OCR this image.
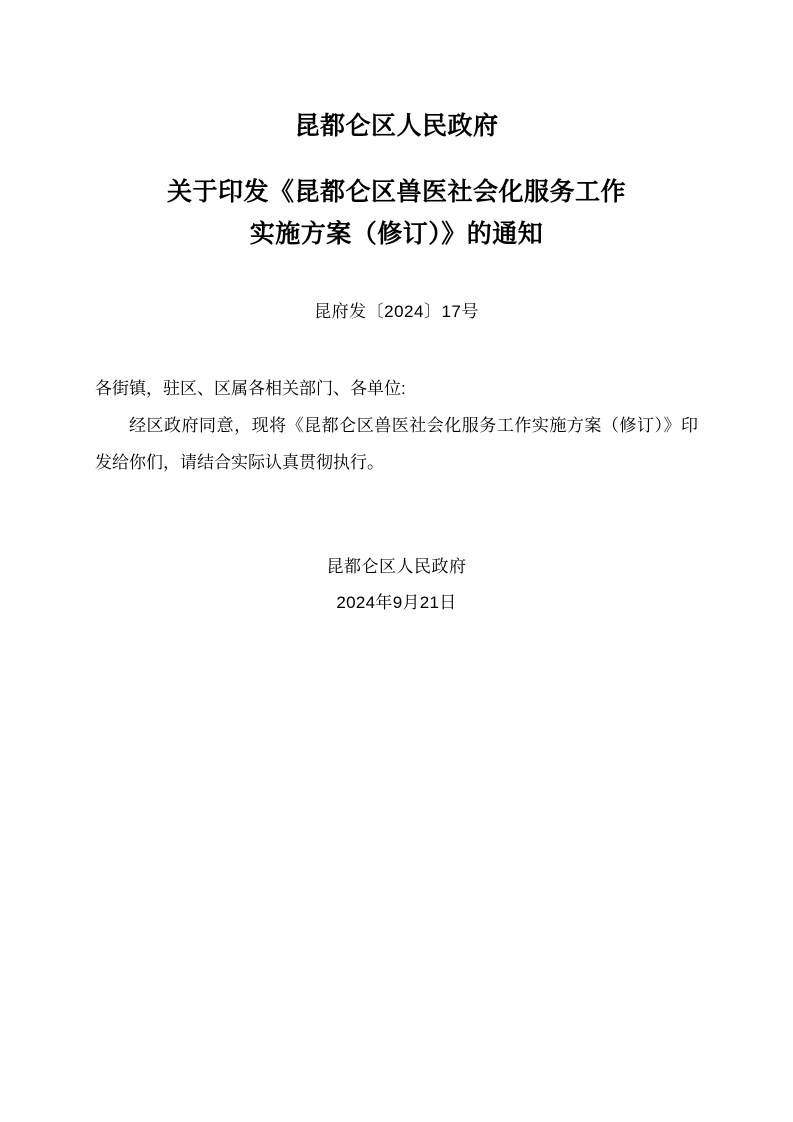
昆都仑区人民政府
关于印发《昆都仑区兽医社会化服务工作
实施方案（修订）》的通知
昆府发〔2024〕17号
各街镇，驻区、区属各相关部门、各单位:
经区政府同意，现将《昆都仑区兽医社会化服务工作实施方案（修订）》印发给你们，请结合实际认真贯彻执行。
昆都仑区人民政府
2024年9月21日
